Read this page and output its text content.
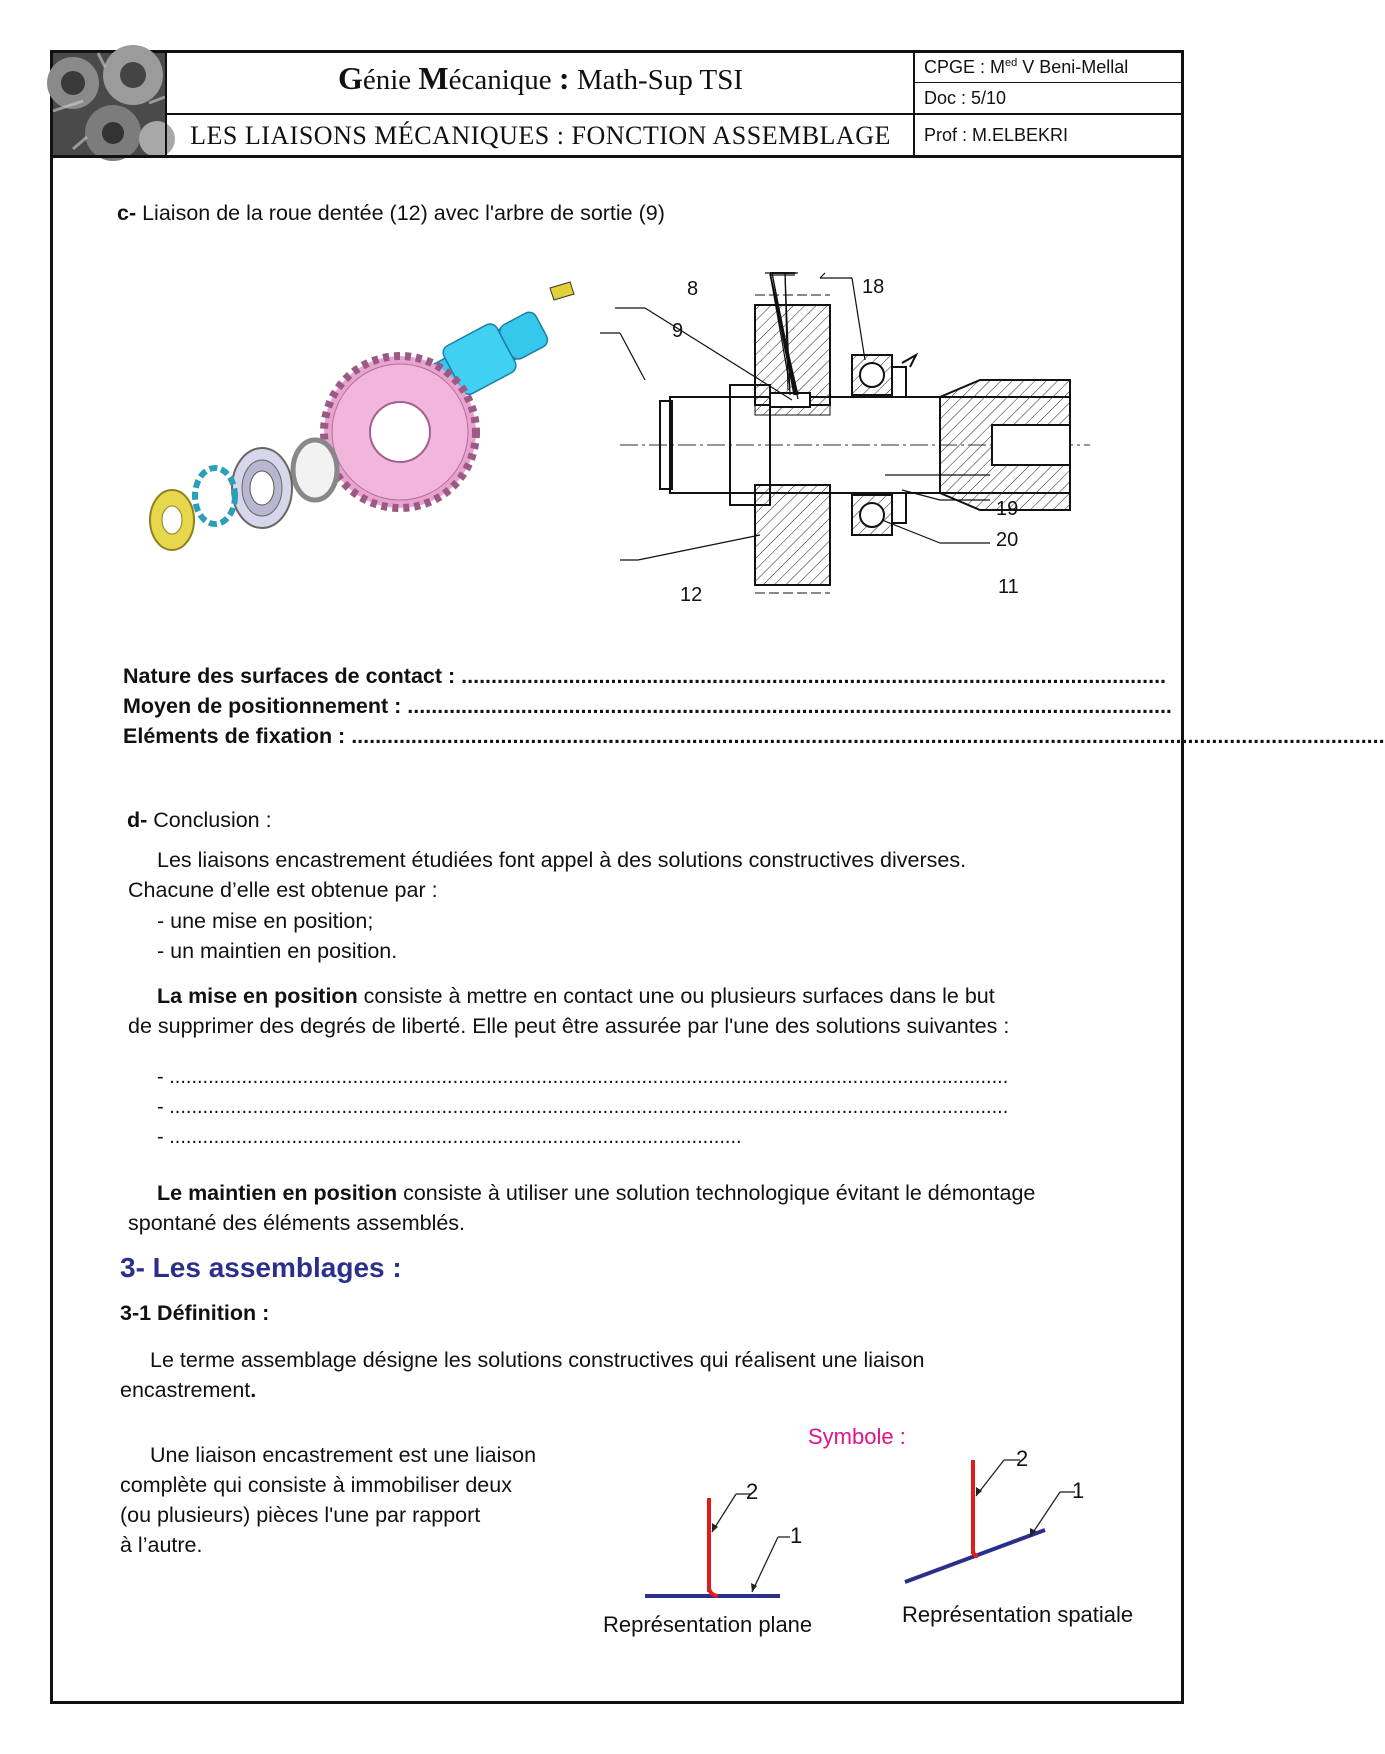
Génie Mécanique : Math-Sup TSI
LES LIAISONS MÉCANIQUES : FONCTION ASSEMBLAGE
CPGE : $M^{ed}$ V Beni-Mellal
Doc : 5/10
Prof : M.ELBEKRI
c- Liaison de la roue dentée (12) avec l'arbre de sortie (9)
8	18
9
19
20
11
12
Nature des surfaces de contact : ......................................................................................................................
Moyen de positionnement : ................................................................................................................................
Eléments de fixation : .............................................................................................................................................................................
d- Conclusion :
Les liaisons encastrement étudiées font appel à des solutions constructives diverses.
Chacune d’elle est obtenue par :
- une mise en position;
- un maintien en position.
La mise en position consiste à mettre en contact une ou plusieurs surfaces dans le but
de supprimer des degrés de liberté. Elle peut être assurée par l'une des solutions suivantes :
- .......................................................................................................................................................
- .......................................................................................................................................................
- .......................................................................................................
Le maintien en position consiste à utiliser une solution technologique évitant le démontage
spontané des éléments assemblés.
3- Les assemblages :
3-1 Définition :
Le terme assemblage désigne les solutions constructives qui réalisent une liaison
encastrement.
Une liaison encastrement est une liaison
complète qui consiste à immobiliser deux
(ou plusieurs) pièces l'une par rapport
à l’autre.
Symbole :
2
1
Représentation plane
2
1
Représentation spatiale
